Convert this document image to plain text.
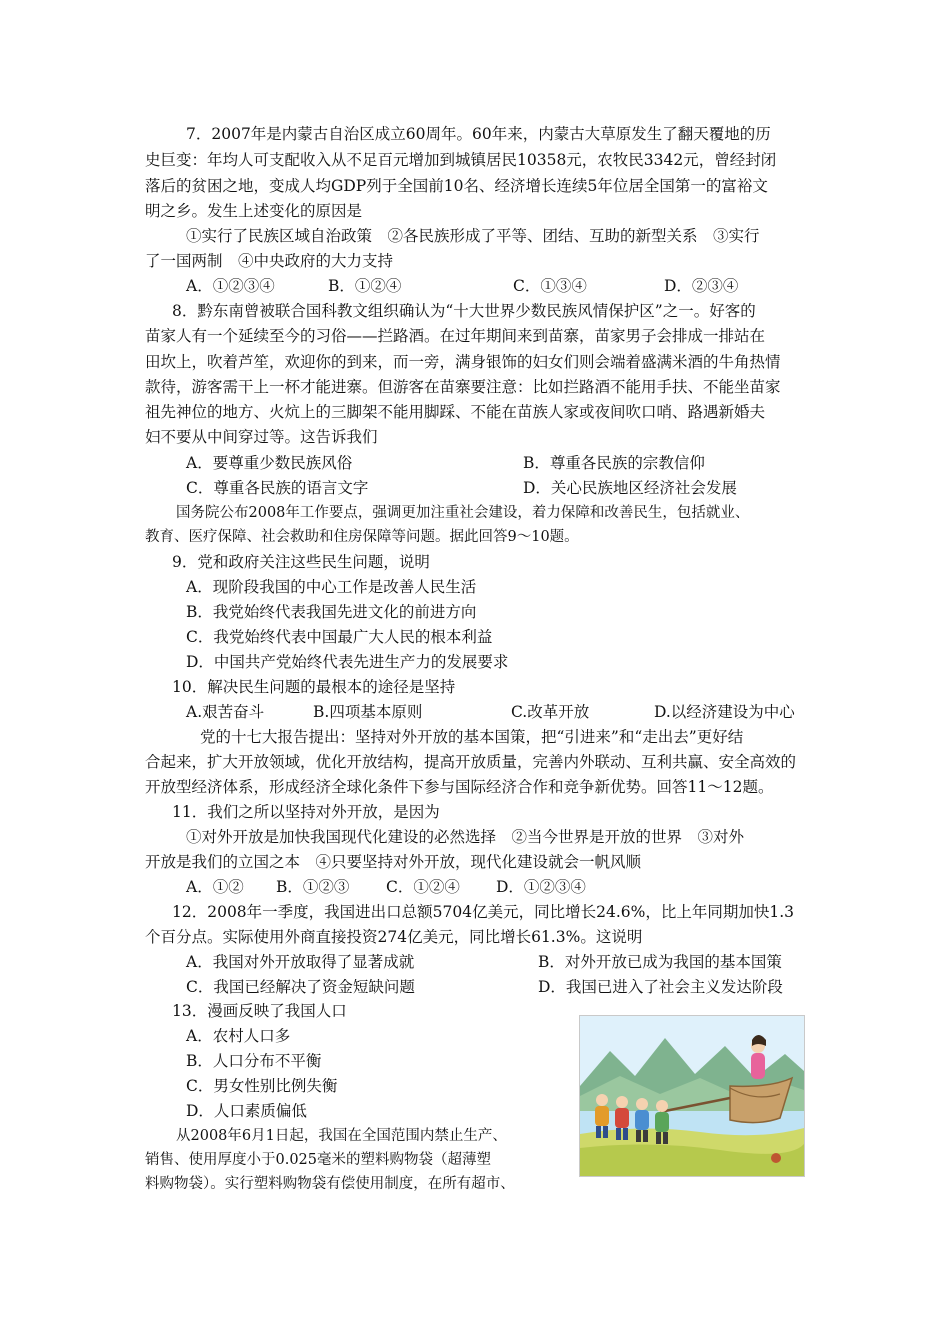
7．2007年是内蒙古自治区成立60周年。60年来，内蒙古大草原发生了翻天覆地的历
史巨变：年均人可支配收入从不足百元增加到城镇居民10358元，农牧民3342元，曾经封闭
落后的贫困之地，变成人均GDP列于全国前10名、经济增长连续5年位居全国第一的富裕文
明之乡。发生上述变化的原因是
①实行了民族区域自治政策　②各民族形成了平等、团结、互助的新型关系　③实行
了一国两制　④中央政府的大力支持
A．①②③④	B．①②④	C．①③④	D．②③④
8．黔东南曾被联合国科教文组织确认为“十大世界少数民族风情保护区”之一。好客的
苗家人有一个延续至今的习俗——拦路酒。在过年期间来到苗寨，苗家男子会排成一排站在
田坎上，吹着芦笙，欢迎你的到来，而一旁，满身银饰的妇女们则会端着盛满米酒的牛角热情
款待，游客需干上一杯才能进寨。但游客在苗寨要注意：比如拦路酒不能用手扶、不能坐苗家
祖先神位的地方、火炕上的三脚架不能用脚踩、不能在苗族人家或夜间吹口哨、路遇新婚夫
妇不要从中间穿过等。这告诉我们
A．要尊重少数民族风俗	B．尊重各民族的宗教信仰
C．尊重各民族的语言文字	D．关心民族地区经济社会发展
国务院公布2008年工作要点，强调更加注重社会建设，着力保障和改善民生，包括就业、
教育、医疗保障、社会救助和住房保障等问题。据此回答9～10题。
9．党和政府关注这些民生问题，说明
A．现阶段我国的中心工作是改善人民生活
B．我党始终代表我国先进文化的前进方向
C．我党始终代表中国最广大人民的根本利益
D．中国共产党始终代表先进生产力的发展要求
10．解决民生问题的最根本的途径是坚持
A.艰苦奋斗	B.四项基本原则	C.改革开放	D.以经济建设为中心
党的十七大报告提出：坚持对外开放的基本国策，把“引进来”和“走出去”更好结
合起来，扩大开放领域，优化开放结构，提高开放质量，完善内外联动、互利共赢、安全高效的
开放型经济体系，形成经济全球化条件下参与国际经济合作和竞争新优势。回答11～12题。
11．我们之所以坚持对外开放，是因为
①对外开放是加快我国现代化建设的必然选择　②当今世界是开放的世界　③对外
开放是我们的立国之本　④只要坚持对外开放，现代化建设就会一帆风顺
A．①② B．①②③ C．①②④ D．①②③④
12．2008年一季度，我国进出口总额5704亿美元，同比增长24.6%，比上年同期加快1.3
个百分点。实际使用外商直接投资274亿美元，同比增长61.3%。这说明
A．我国对外开放取得了显著成就	B．对外开放已成为我国的基本国策
C．我国已经解决了资金短缺问题	D．我国已进入了社会主义发达阶段
13．漫画反映了我国人口
A．农村人口多
B．人口分布不平衡
C．男女性别比例失衡
D．人口素质偏低
从2008年6月1日起，我国在全国范围内禁止生产、
销售、使用厚度小于0.025毫米的塑料购物袋（超薄塑
料购物袋）。实行塑料购物袋有偿使用制度，在所有超市、
